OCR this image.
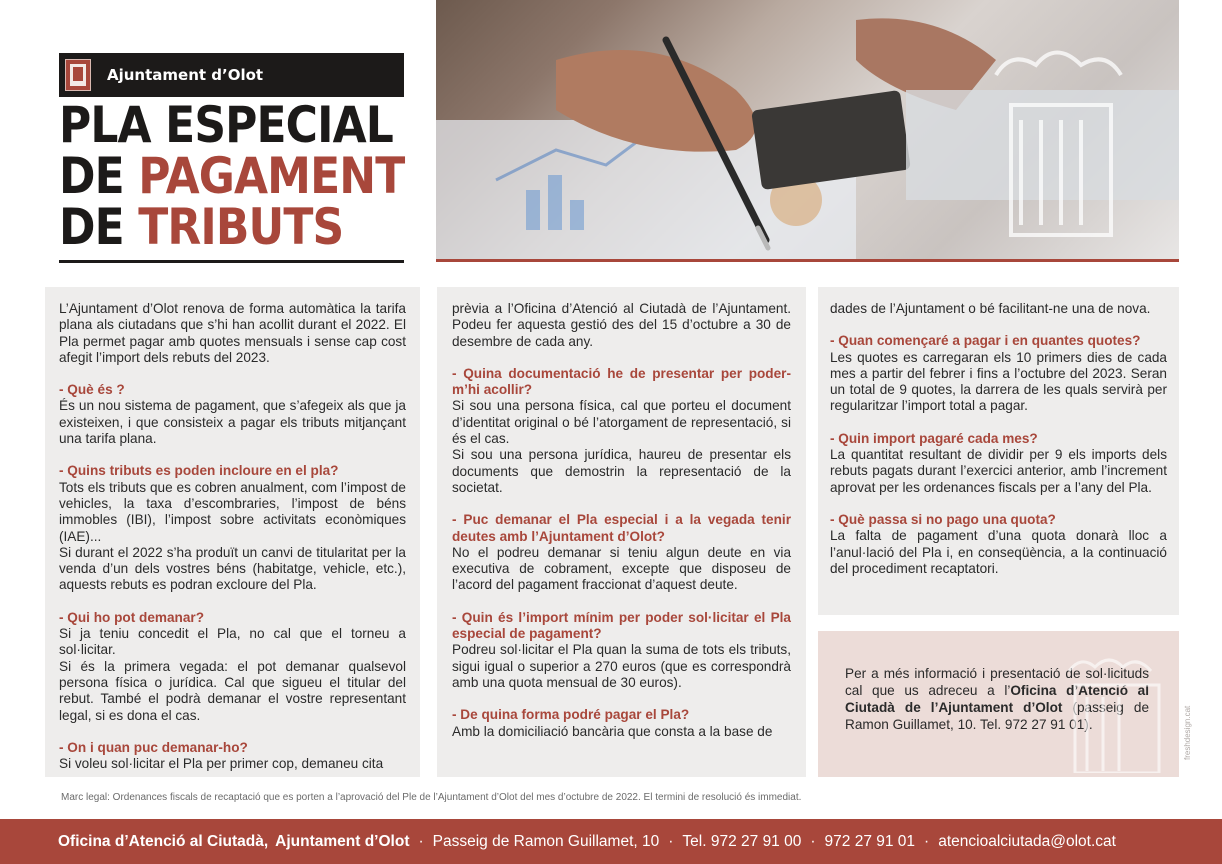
Ajuntament d’Olot
PLA ESPECIAL
DE PAGAMENT
DE TRIBUTS

L’Ajuntament d’Olot renova de forma automàtica la tarifa plana als ciutadans que s’hi han acollit durant el 2022. El Pla permet pagar amb quotes mensuals i sense cap cost afegit l’import dels rebuts del 2023.

- Què és ?
És un nou sistema de pagament, que s’afegeix als que ja existeixen, i que consisteix a pagar els tributs mitjançant una tarifa plana.
- Quins tributs es poden incloure en el pla?
Tots els tributs que es cobren anualment, com l’impost de vehicles, la taxa d’escombraries, l’impost de béns immobles (IBI), l’impost sobre activitats econòmiques (IAE)...
Si durant el 2022 s’ha produït un canvi de titularitat per la venda d’un dels vostres béns (habitatge, vehicle, etc.), aquests rebuts es podran excloure del Pla.
- Qui ho pot demanar?
Si ja teniu concedit el Pla, no cal que el torneu a sol·licitar.
Si és la primera vegada: el pot demanar qualsevol persona física o jurídica. Cal que sigueu el titular del rebut. També el podrà demanar el vostre representant legal, si es dona el cas.
- On i quan puc demanar-ho?
Si voleu sol·licitar el Pla per primer cop, demaneu cita

prèvia a l’Oficina d’Atenció al Ciutadà de l’Ajuntament. Podeu fer aquesta gestió des del 15 d’octubre a 30 de desembre de cada any.

- Quina documentació he de presentar per poder-m’hi acollir?
Si sou una persona física, cal que porteu el document d’identitat original o bé l’atorgament de representació, si és el cas.
Si sou una persona jurídica, haureu de presentar els documents que demostrin la representació de la societat.
- Puc demanar el Pla especial i a la vegada tenir deutes amb l’Ajuntament d’Olot?
No el podreu demanar si teniu algun deute en via executiva de cobrament, excepte que disposeu de l’acord del pagament fraccionat d’aquest deute.
- Quin és l’import mínim per poder sol·licitar el Pla especial de pagament?
Podreu sol·licitar el Pla quan la suma de tots els tributs, sigui igual o superior a 270 euros (que es correspondrà amb una quota mensual de 30 euros).
- De quina forma podré pagar el Pla?
Amb la domiciliació bancària que consta a la base de

dades de l’Ajuntament o bé facilitant-ne una de nova.

- Quan començaré a pagar i en quantes quotes?
Les quotes es carregaran els 10 primers dies de cada mes a partir del febrer i fins a l’octubre del 2023. Seran un total de 9 quotes, la darrera de les quals servirà per regularitzar l’import total a pagar.
- Quin import pagaré cada mes?
La quantitat resultant de dividir per 9 els imports dels rebuts pagats durant l’exercici anterior, amb l’increment aprovat per les ordenances fiscals per a l’any del Pla.
- Què passa si no pago una quota?
La falta de pagament d’una quota donarà lloc a l’anul·lació del Pla i, en conseqüència, a la continuació del procediment recaptatori.
Per a més informació i presentació de sol·licituds cal que us adreceu a l’Oficina d’Atenció al Ciutadà de l’Ajuntament d’Olot (passeig de Ramon Guillamet, 10. Tel. 972 27 91 01).	freshdesign.cat
Marc legal: Ordenances fiscals de recaptació que es porten a l’aprovació del Ple de l’Ajuntament d’Olot del mes d’octubre de 2022. El termini de resolució és immediat.
Oficina d’Atenció al Ciutadà, Ajuntament d’Olot · Passeig de Ramon Guillamet, 10 · Tel. 972 27 91 00 · 972 27 91 01 · atencioalciutada@olot.cat
